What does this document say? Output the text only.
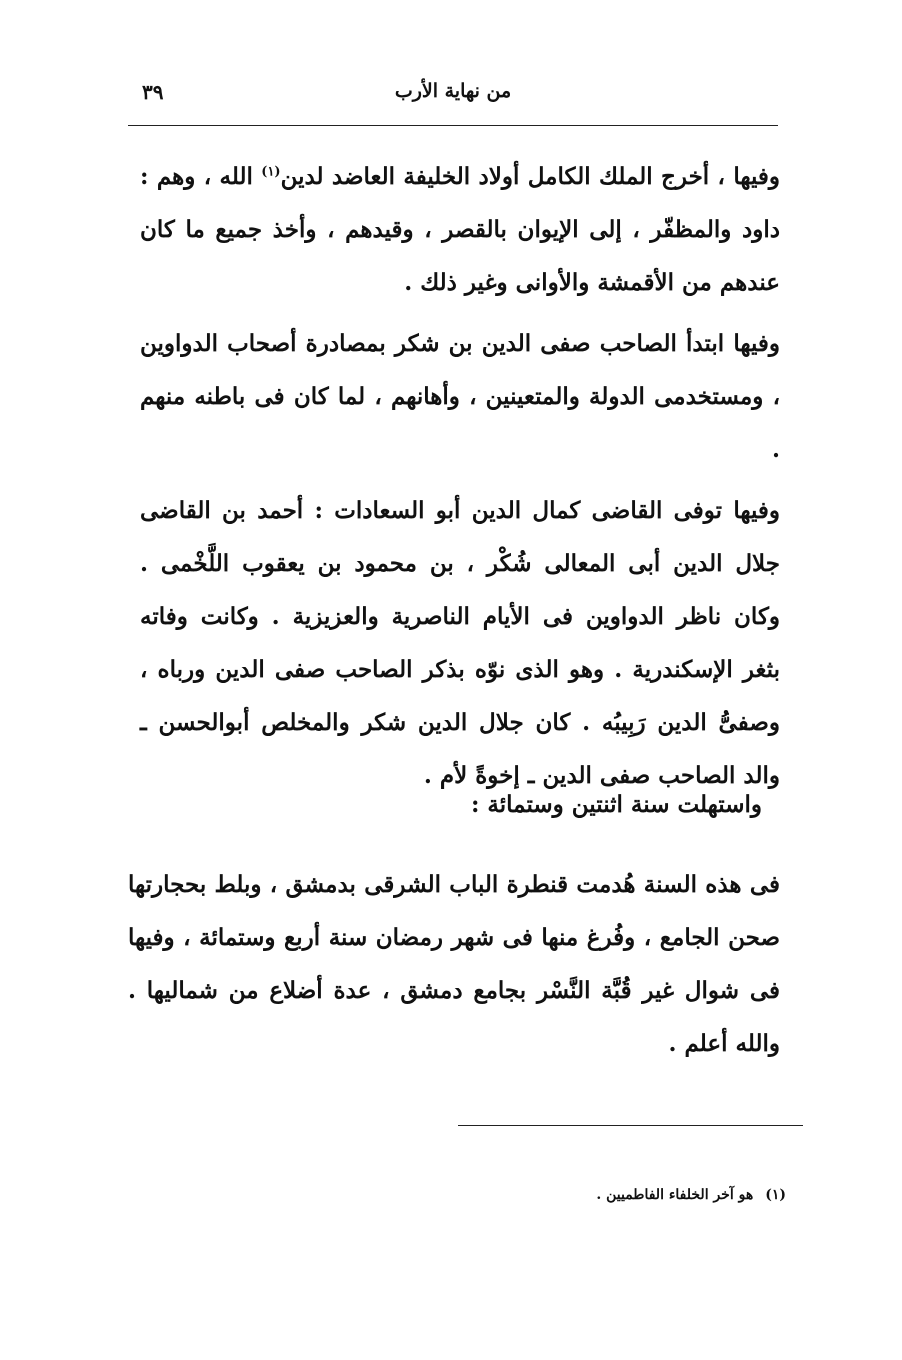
من نهاية الأرب
٣٩

وفيها ، أخرج الملك الكامل أولاد الخليفة العاضد لدين$^{(١)}$ الله ، وهم : داود والمظفّر ، إلى الإيوان بالقصر ، وقيدهم ، وأخذ جميع ما كان عندهم من الأقمشة والأوانى وغير ذلك .

وفيها ابتدأ الصاحب صفى الدين بن شكر بمصادرة أصحاب الدواوين ، ومستخدمى الدولة والمتعينين ، وأهانهم ، لما كان فى باطنه منهم .

وفيها توفى القاضى كمال الدين أبو السعادات : أحمد بن القاضى جلال الدين أبى المعالى شُكْر ، بن محمود بن يعقوب اللَّخْمى . وكان ناظر الدواوين فى الأيام الناصرية والعزيزية . وكانت وفاته بثغر الإسكندرية . وهو الذى نوّه بذكر الصاحب صفى الدين ورباه ، وصفىُّ الدين رَبِيبُه . كان جلال الدين شكر والمخلص أبوالحسن ـ والد الصاحب صفى الدين ـ إخوةً لأم .

واستهلت سنة اثنتين وستمائة :

فى هذه السنة هُدمت قنطرة الباب الشرقى بدمشق ، وبلط بحجارتها صحن الجامع ، وفُرغ منها فى شهر رمضان سنة أربع وستمائة ، وفيها فى شوال غير قُبَّة النَّسْر بجامع دمشق ، عدة أضلاع من شماليها . والله أعلم .

(١)هو آخر الخلفاء الفاطميين .
